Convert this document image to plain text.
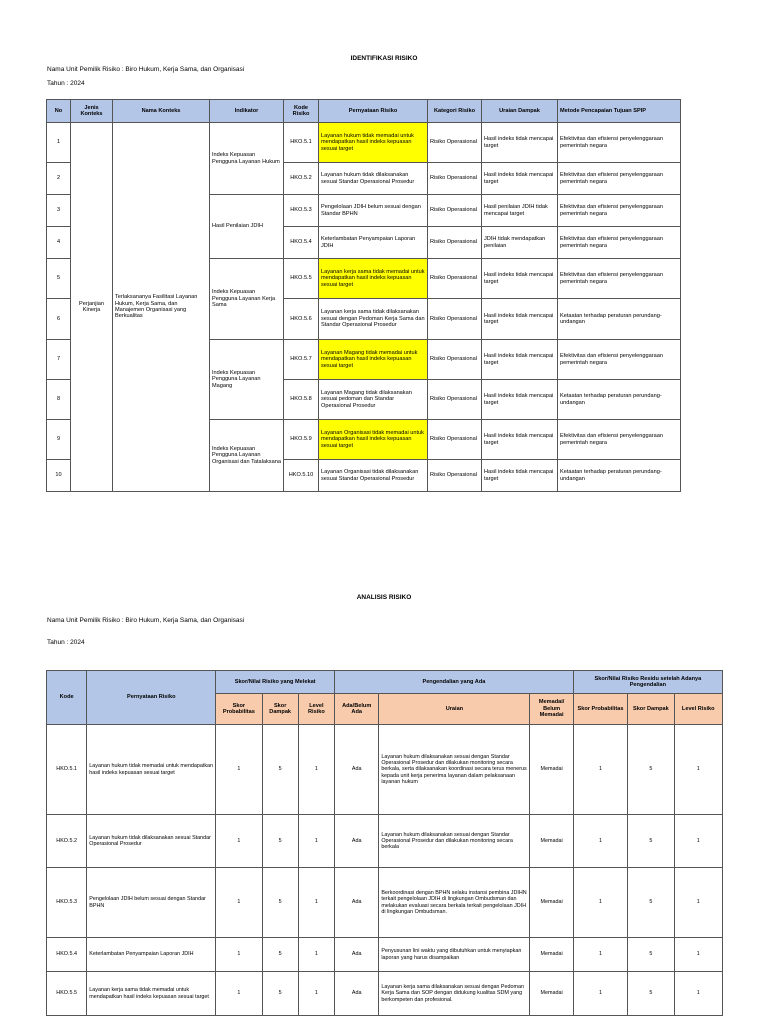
IDENTIFIKASI RISIKO
Nama Unit Pemilik Risiko : Biro Hukum, Kerja Sama, dan Organisasi
Tahun : 2024
No	Jenis Konteks	Nama Konteks	Indikator	Kode Risiko	Pernyataan Risiko	Kategori Risiko	Uraian Dampak	Metode Pencapaian Tujuan SPIP
1	Perjanjian Kinerja	Terlaksananya Fasilitasi Layanan Hukum, Kerja Sama, dan Manajemen Organisasi yang Berkualitas	Indeks Kepuasan Pengguna Layanan Hukum	HKO.5.1	Layanan hukum tidak memadai untuk mendapatkan hasil indeks kepuasan sesuai target	Risiko Operasional	Hasil indeks tidak mencapai target	Efektivitas dan efisiensi penyelenggaraan pemerintah negara
2				HKO.5.2	Layanan hukum tidak dilaksanakan sesuai Standar Operasional Prosedur	Risiko Operasional	Hasil indeks tidak mencapai target	Efektivitas dan efisiensi penyelenggaraan pemerintah negara
3			Hasil Penilaian JDIH	HKO.5.3	Pengelolaan JDIH belum sesuai dengan Standar BPHN	Risiko Operasional	Hasil penilaian JDIH tidak mencapai target	Efektivitas dan efisiensi penyelenggaraan pemerintah negara
4				HKO.5.4	Keterlambatan Penyampaian Laporan JDIH	Risiko Operasional	JDIH tidak mendapatkan penilaian	Efektivitas dan efisiensi penyelenggaraan pemerintah negara
5			Indeks Kepuasan Pengguna Layanan Kerja Sama	HKO.5.5	Layanan kerja sama tidak memadai untuk mendapatkan hasil indeks kepuasan sesuai target	Risiko Operasional	Hasil indeks tidak mencapai target	Efektivitas dan efisiensi penyelenggaraan pemerintah negara
6				HKO.5.6	Layanan kerja sama tidak dilaksanakan sesuai dengan Pedoman Kerja Sama dan Standar Operasional Prosedur	Risiko Operasional	Hasil indeks tidak mencapai target	Ketaatan terhadap peraturan perundang-undangan
7			Indeks Kepuasan Pengguna Layanan Magang	HKO.5.7	Layanan Magang tidak memadai untuk mendapatkan hasil indeks kepuasan sesuai target	Risiko Operasional	Hasil indeks tidak mencapai target	Efektivitas dan efisiensi penyelenggaraan pemerintah negara
8				HKO.5.8	Layanan Magang tidak dilaksanakan sesuai pedoman dan Standar Operasional Prosedur	Risiko Operasional	Hasil indeks tidak mencapai target	Ketaatan terhadap peraturan perundang-undangan
9			Indeks Kepuasan Pengguna Layanan Organisasi dan Tatalaksana	HKO.5.9	Layanan Organisasi tidak memadai untuk mendapatkan hasil indeks kepuasan sesuai target	Risiko Operasional	Hasil indeks tidak mencapai target	Efektivitas dan efisiensi penyelenggaraan pemerintah negara
10				HKO.5.10	Layanan Organisasi tidak dilaksanakan sesuai Standar Operasional Prosedur	Risiko Operasional	Hasil indeks tidak mencapai target	Ketaatan terhadap peraturan perundang-undangan
ANALISIS RISIKO
Nama Unit Pemilik Risiko : Biro Hukum, Kerja Sama, dan Organisasi
Tahun : 2024
Kode	Pernyataan Risiko	Skor/Nilai Risiko yang Melekat			Pengendalian yang Ada			Skor/Nilai Risiko Residu setelah Adanya Pengendalian		
		Skor Probabilitas	Skor Dampak	Level Risiko	Ada/Belum Ada	Uraian	Memadai/ Belum Memadai	Skor Probabilitas	Skor Dampak	Level Risiko
HKO.5.1	Layanan hukum tidak memadai untuk mendapatkan hasil indeks kepuasan sesuai target	1	5	1	Ada	Layanan hukum dilaksanakan sesuai dengan Standar Operasional Prosedur dan dilakukan monitoring secara berkala, serta dilaksanakan koordinasi secara terus menerus kepada unit kerja penerima layanan dalam pelaksanaan layanan hukum	Memadai	1	5	1
HKO.5.2	Layanan hukum tidak dilaksanakan sesuai Standar Operasional Prosedur	1	5	1	Ada	Layanan hukum dilaksanakan sesuai dengan Standar Operasional Prosedur dan dilakukan monitoring secara berkala	Memadai	1	5	1
HKO.5.3	Pengelolaan JDIH belum sesuai dengan Standar BPHN	1	5	1	Ada	Berkoordinasi dengan BPHN selaku instansi pembina JDIHN terkait pengelolaan JDIH di lingkungan Ombudsman dan melakukan evaluasi secara berkala terkait pengelolaan JDIH di lingkungan Ombudsman.	Memadai	1	5	1
HKO.5.4	Keterlambatan Penyampaian Laporan JDIH	1	5	1	Ada	Penyusunan lini waktu yang dibutuhkan untuk menyiapkan laporan yang harus disampaikan	Memadai	1	5	1
HKO.5.5	Layanan kerja sama tidak memadai untuk mendapatkan hasil indeks kepuasan sesuai target	1	5	1	Ada	Layanan kerja sama dilaksanakan sesuai dengan Pedoman Kerja Sama dan SOP dengan didukung kualitas SDM yang berkompeten dan profesional.	Memadai	1	5	1
